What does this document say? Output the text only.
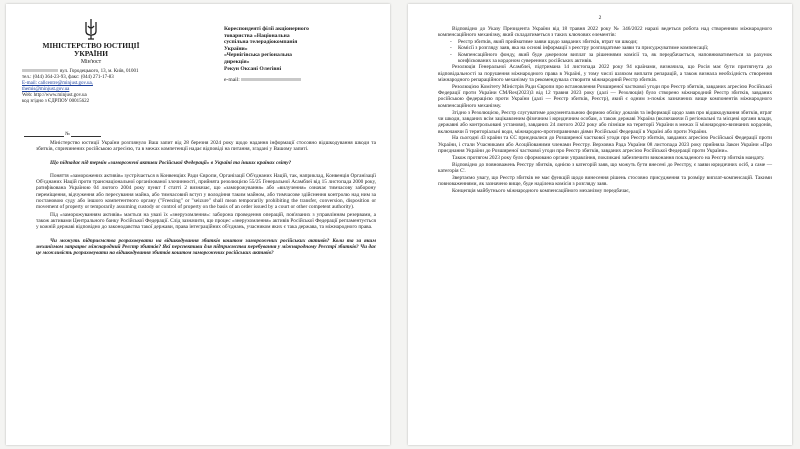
МІНІСТЕРСТВО ЮСТИЦІЇ

УКРАЇНИ

Мін'юст

вул. Городецького, 13, м. Київ, 01001

тел.: (044) 364-23-93, факс: (044) 271-17-83

E-mail: callcentre@minjust.gov.ua,

themis@minjust.gov.ua

Web: http://www.minjust.gov.ua

код згідно з ЄДРПОУ 00015622

Кореспонденті філії акціонерного

товариства «Національна

суспільна телерадіокомпанія

України»

«Чернігівська регіональна

дирекція»

Рекун Оксані Олегівні

e-mail:

№

Міністерство юстиції України розглянуло Ваш запит від 28 березня 2024 року щодо надання інформації стосовно відшкодування шкоди та збитків, спричинених російською агресією, та в межах компетенції надає відповіді на питання, згадані у Вашому запиті.

Що підпадає під термін «заморожені активи Російської Федерації» в Україні та інших країнах світу?

Поняття «заморожених активів» зустрічається в Конвенціях Ради Європи, Організації Об'єднаних Націй, так, наприклад, Конвенція Організації Об'єднаних Націй проти транснаціональної організованої злочинності, прийнята резолюцією 55/25 Генеральної Асамблеї від 15 листопада 2000 року, ратифікована Україною 04 лютого 2004 року пункт f статті 2 визначає, що «заморожування» або «вилучення» означає тимчасову заборону переміщення, відчуження або пересування майна, або тимчасовий вступ у володіння таким майном, або тимчасове здійснення контролю над ним за постановою суду або іншого компетентного органу ("Freezing" or "seizure" shall mean temporarily prohibiting the transfer, conversion, disposition or movement of property or temporarily assuming custody or control of property on the basis of an order issued by a court or other competent authority).

Під «заморожуванням активів» мається на увазі їх «знерухомлення»: заборона проведення операцій, пов'язаних з управлінням резервами, а також активами Центрального банку Російської Федерації. Слід зазначити, що процес «знерухомлення» активів Російської Федерації регламентується у кожній державі відповідно до законодавства такої держави, права інтеграційних об'єднань, учасником яких є така держава, та міжнародного права.

Чи можуть підприємства розраховувати на відшкодування збитків коштом заморожених російських активів? Коли та за яким механізмом запрацює міжнародний Реєстр збитків? Які перспективи для підприємства перебування у міжнародному Реєстрі збитків? Чи дає це можливість розраховувати на відшкодування збитків коштом заморожених російських активів?

2

Відповідно до Указу Президента України від 18 травня 2022 року № 346/2022 наразі ведеться робота над створенням міжнародного компенсаційного механізму, який складатиметься з таких ключових елементів:

- Реєстр збитків, який прийматиме заяви щодо завданих збитків, втрат чи шкоди;
- Комісії з розгляду заяв, яка на основі інформації з реєстру розглядатиме заяви та присуджуватиме компенсації;
- Компенсаційного фонду, який буде джерелом виплат за рішеннями комісії та, як передбачається, наповнюватиметься за рахунок конфіскованих за кордоном суверенних російських активів.

Резолюція Генеральної Асамблеї, підтримана 14 листопада 2022 року 94 країнами, визначила, що Росія має бути притягнута до відповідальності за порушення міжнародного права в Україні, у тому числі шляхом виплати репарацій, а також визнала необхідність створення міжнародного репараційного механізму та рекомендувала створити міжнародний Реєстр збитків.

Резолюцією Комітету Міністрів Ради Європи про встановлення Розширеної часткової угоди про Реєстр збитків, завданих агресією Російської Федерації проти України CM/Res(2023)3 від 12 травня 2023 року (далі — Резолюція) було створено міжнародний Реєстр збитків, завданих російською федерацією проти України (далі — Реєстр збитків, Реєстр), який є одним з-поміж зазначених вище компонентів міжнародного компенсаційного механізму.

Згідно з Резолюцією, Реєстр слугуватиме документальною формою обліку доказів та інформації щодо заяв про відшкодування збитків, втрат чи шкоди, завданих всім зацікавленим фізичним і юридичним особам, а також державі Україна (включаючи її регіональні та місцеві органи влади, державні або контрольовані установи), завданих 24 лютого 2022 року або пізніше на території України в межах її міжнародно-визнаних кордонів, включаючи її територіальні води, міжнародно-протиправними діями Російської Федерації в Україні або проти України.

На сьогодні 43 країни та ЄС приєдналися до Розширеної часткової угоди про Реєстр збитків, завданих агресією Російської Федерації проти України, і стали Учасниками або Асоційованими членами Реєстру. Верховна Рада України 08 листопада 2023 року прийняла Закон України «Про приєднання України до Розширеної часткової угоди про Реєстр збитків, завданих агресією Російської Федерації проти України».

Також протягом 2023 року було сформовано органи управління, покликані забезпечити виконання покладеного на Реєстр збитків мандату.

Відповідно до повноважень Реєстру збитків, однією з категорій заяв, що можуть бути внесені до Реєстру, є заяви юридичних осіб, а саме — категорія С'.

Звертаємо увагу, що Реєстр збитків не має функцій щодо винесення рішень стосовно присудження та розміру виплат-компенсацій. Такими повноваженнями, як зазначено вище, буде наділена комісія з розгляду заяв.

Концепція майбутнього міжнародного компенсаційного механізму передбачає,
